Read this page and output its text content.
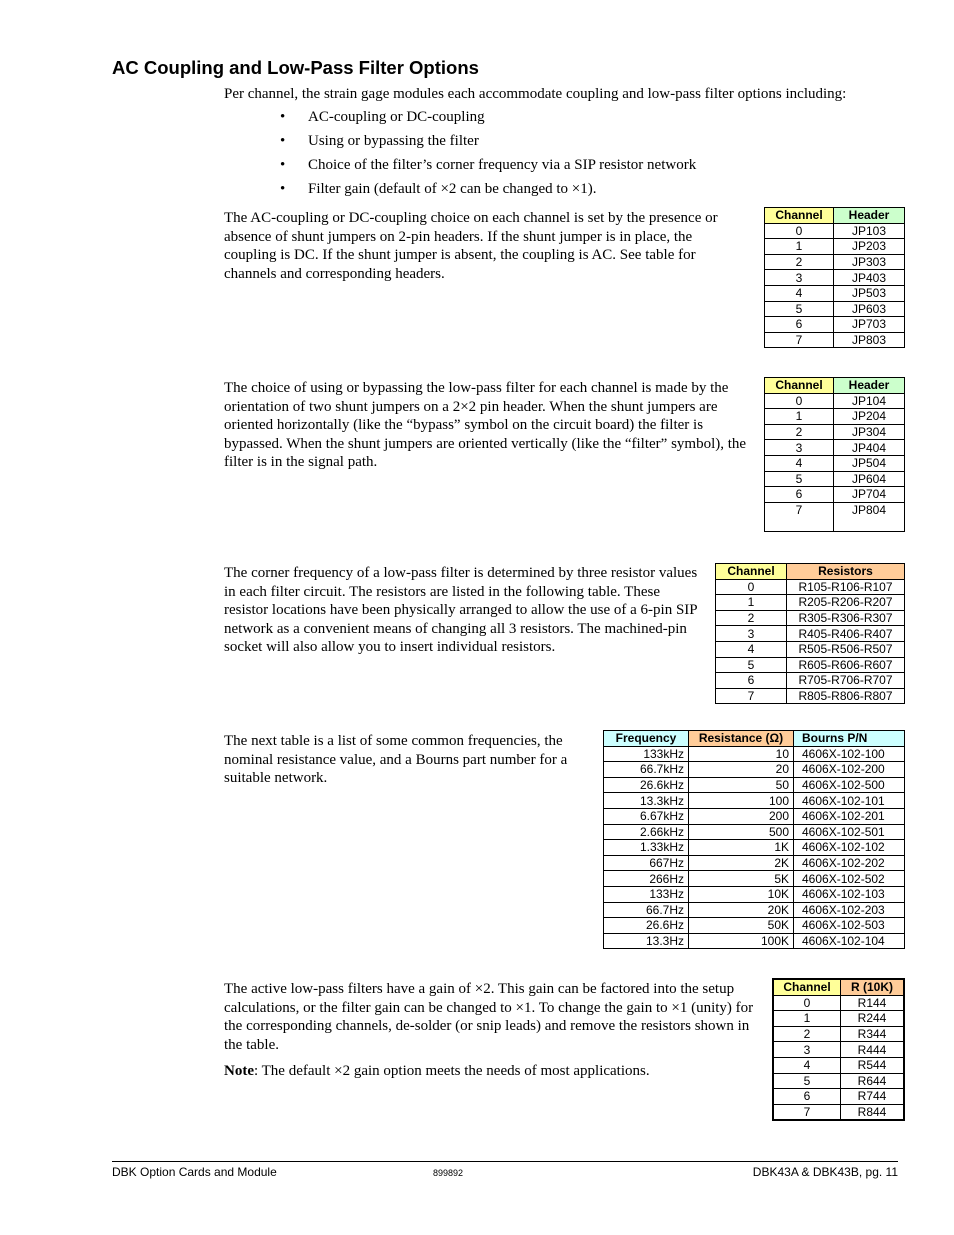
AC Coupling and Low-Pass Filter Options

Per channel, the strain gage modules each accommodate coupling and low-pass filter options including:

• AC-coupling or DC-coupling
• Using or bypassing the filter
• Choice of the filter’s corner frequency via a SIP resistor network
• Filter gain (default of ×2 can be changed to ×1).

The AC-coupling or DC-coupling choice on each channel is set by the presence or absence of shunt jumpers on 2-pin headers. If the shunt jumper is in place, the coupling is DC. If the shunt jumper is absent, the coupling is AC. See table for channels and corresponding headers.

Channel	Header
0	JP103
1	JP203
2	JP303
3	JP403
4	JP503
5	JP603
6	JP703
7	JP803

The choice of using or bypassing the low-pass filter for each channel is made by the orientation of two shunt jumpers on a 2×2 pin header. When the shunt jumpers are oriented horizontally (like the “bypass” symbol on the circuit board) the filter is bypassed. When the shunt jumpers are oriented vertically (like the “filter” symbol), the filter is in the signal path.

Channel	Header
0	JP104
1	JP204
2	JP304
3	JP404
4	JP504
5	JP604
6	JP704
7	JP804

The corner frequency of a low-pass filter is determined by three resistor values in each filter circuit. The resistors are listed in the following table. These resistor locations have been physically arranged to allow the use of a 6-pin SIP network as a convenient means of changing all 3 resistors. The machined-pin socket will also allow you to insert individual resistors.

Channel	Resistors
0	R105-R106-R107
1	R205-R206-R207
2	R305-R306-R307
3	R405-R406-R407
4	R505-R506-R507
5	R605-R606-R607
6	R705-R706-R707
7	R805-R806-R807

The next table is a list of some common frequencies, the nominal resistance value, and a Bourns part number for a suitable network.

Frequency	Resistance (Ω)	Bourns P/N
133kHz	10	4606X-102-100
66.7kHz	20	4606X-102-200
26.6kHz	50	4606X-102-500
13.3kHz	100	4606X-102-101
6.67kHz	200	4606X-102-201
2.66kHz	500	4606X-102-501
1.33kHz	1K	4606X-102-102
667Hz	2K	4606X-102-202
266Hz	5K	4606X-102-502
133Hz	10K	4606X-102-103
66.7Hz	20K	4606X-102-203
26.6Hz	50K	4606X-102-503
13.3Hz	100K	4606X-102-104

The active low-pass filters have a gain of ×2. This gain can be factored into the setup calculations, or the filter gain can be changed to ×1. To change the gain to ×1 (unity) for the corresponding channels, de-solder (or snip leads) and remove the resistors shown in the table.

Note: The default ×2 gain option meets the needs of most applications.

Channel	R (10K)
0	R144
1	R244
2	R344
3	R444
4	R544
5	R644
6	R744
7	R844
DBK Option Cards and Module	899892	DBK43A & DBK43B, pg. 11
